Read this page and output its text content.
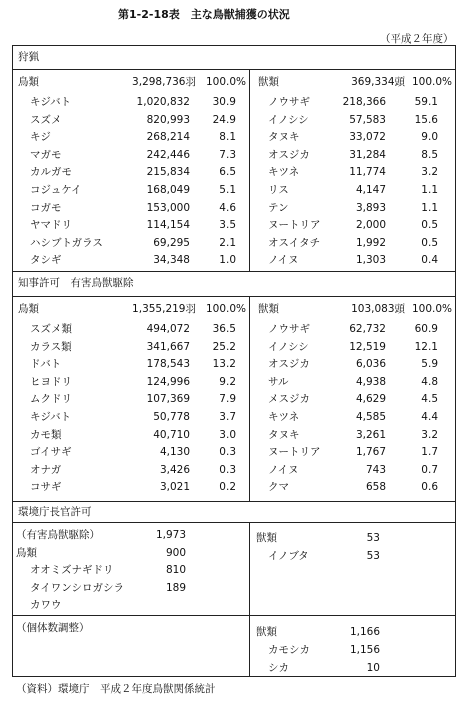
第1-2-18表　主な鳥獣捕獲の状況
（平成２年度）
狩猟
鳥類	3,298,736羽 100.0% 獣類	369,334頭 100.0%
キジバト	1,020,832	30.9
スズメ	820,993	24.9
キジ	268,214	8.1
マガモ	242,446	7.3
カルガモ	215,834	6.5
コジュケイ	168,049	5.1
コガモ	153,000	4.6
ヤマドリ	114,154	3.5
ハシブトガラス	69,295	2.1
タシギ	34,348	1.0
ノウサギ	218,366	59.1
イノシシ	57,583	15.6
タヌキ	33,072	9.0
オスジカ	31,284	8.5
キツネ	11,774	3.2
リス	4,147	1.1
テン	3,893	1.1
ヌートリア	2,000	0.5
オスイタチ	1,992	0.5
ノイヌ	1,303	0.4
知事許可　有害鳥獣駆除
鳥類	1,355,219羽 100.0% 獣類	103,083頭 100.0%
スズメ類	494,072	36.5
カラス類	341,667	25.2
ドバト	178,543	13.2
ヒヨドリ	124,996	9.2
ムクドリ	107,369	7.9
キジバト	50,778	3.7
カモ類	40,710	3.0
ゴイサギ	4,130	0.3
オナガ	3,426	0.3
コサギ	3,021	0.2
ノウサギ	62,732	60.9
イノシシ	12,519	12.1
オスジカ	6,036	5.9
サル	4,938	4.8
メスジカ	4,629	4.5
キツネ	4,585	4.4
タヌキ	3,261	3.2
ヌートリア	1,767	1.7
ノイヌ	743	0.7
クマ	658	0.6
環境庁長官許可
（有害鳥獣駆除）	1,973
鳥類	900
オオミズナギドリ	810
タイワンシロガシラ	189
カワウ
獣類	53
イノブタ	53
（個体数調整）	獣類	1,166
カモシカ	1,156
シカ	10
（資料）環境庁　平成２年度鳥獣関係統計
